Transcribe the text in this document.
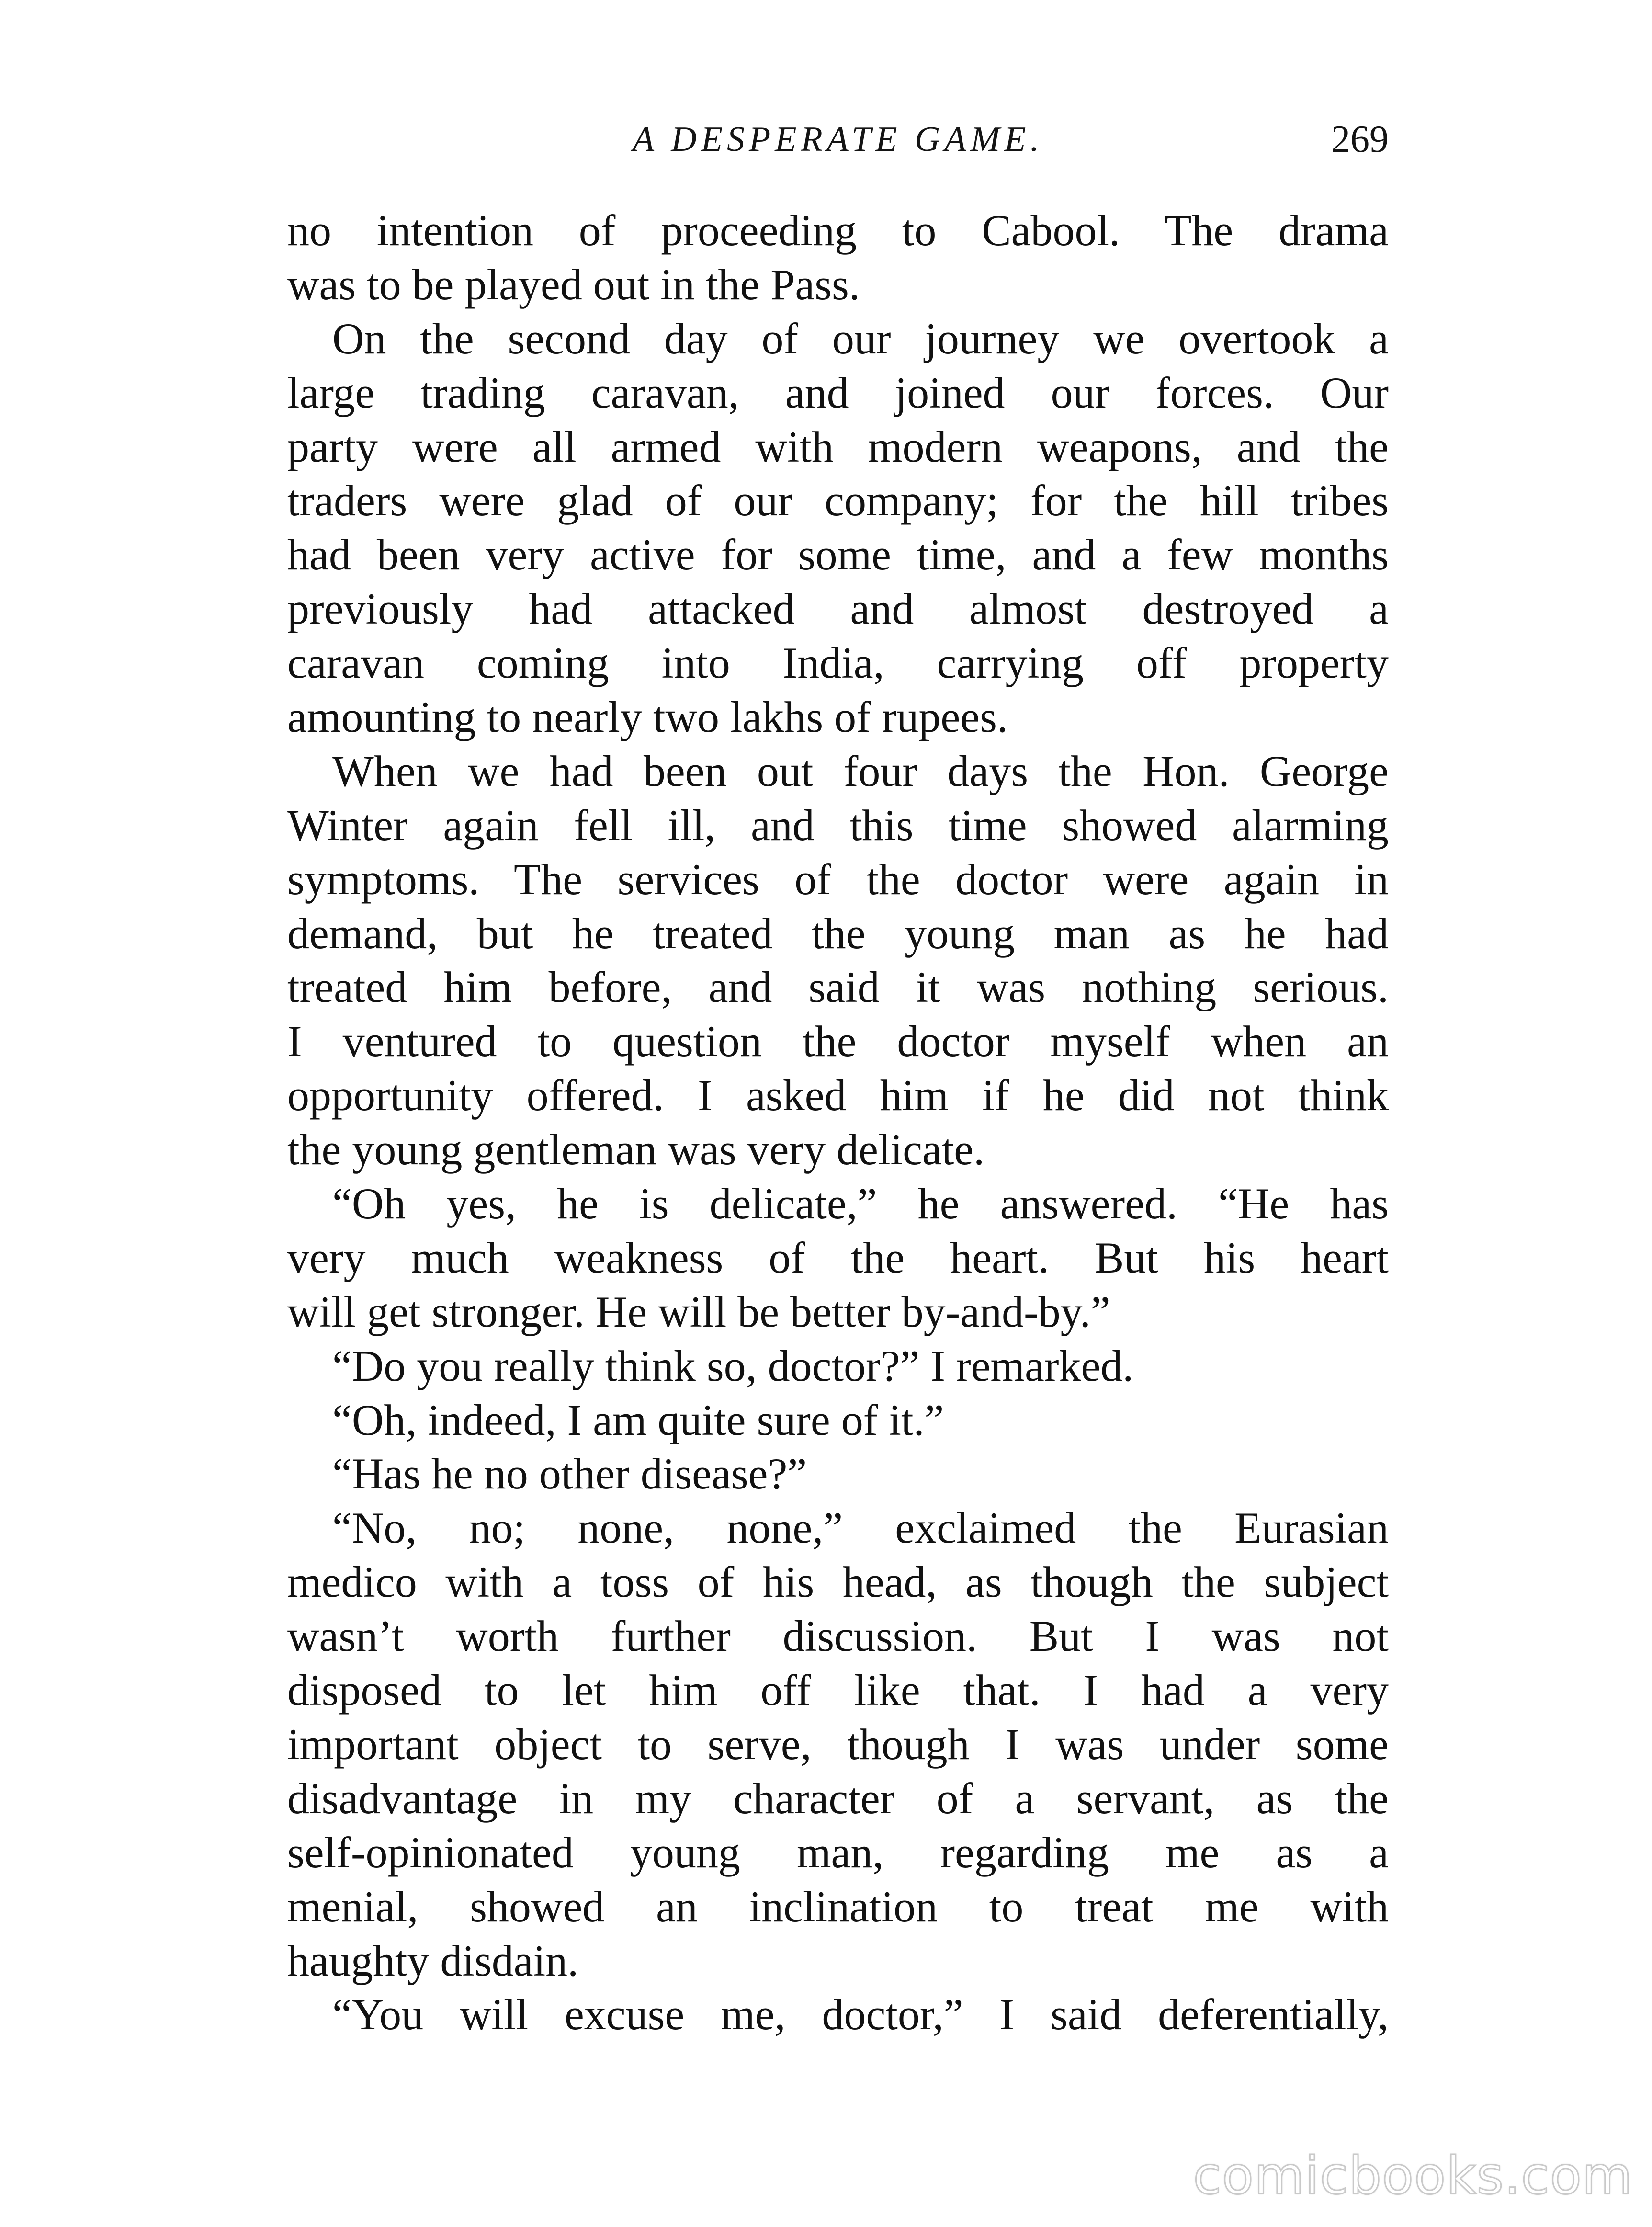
A DESPERATE GAME.	269
no intention of proceeding to Cabool. The drama
was to be played out in the Pass.
On the second day of our journey we overtook a
large trading caravan, and joined our forces. Our
party were all armed with modern weapons, and the
traders were glad of our company; for the hill tribes
had been very active for some time, and a few months
previously had attacked and almost destroyed a
caravan coming into India, carrying off property
amounting to nearly two lakhs of rupees.
When we had been out four days the Hon. George
Winter again fell ill, and this time showed alarming
symptoms. The services of the doctor were again in
demand, but he treated the young man as he had
treated him before, and said it was nothing serious.
I ventured to question the doctor myself when an
opportunity offered. I asked him if he did not think
the young gentleman was very delicate.
“Oh yes, he is delicate,” he answered. “He has
very much weakness of the heart. But his heart
will get stronger. He will be better by-and-by.”
“Do you really think so, doctor?” I remarked.
“Oh, indeed, I am quite sure of it.”
“Has he no other disease?”
“No, no; none, none,” exclaimed the Eurasian
medico with a toss of his head, as though the subject
wasn’t worth further discussion. But I was not
disposed to let him off like that. I had a very
important object to serve, though I was under some
disadvantage in my character of a servant, as the
self-opinionated young man, regarding me as a
menial, showed an inclination to treat me with
haughty disdain.
“You will excuse me, doctor,” I said deferentially,
comicbooks.com
